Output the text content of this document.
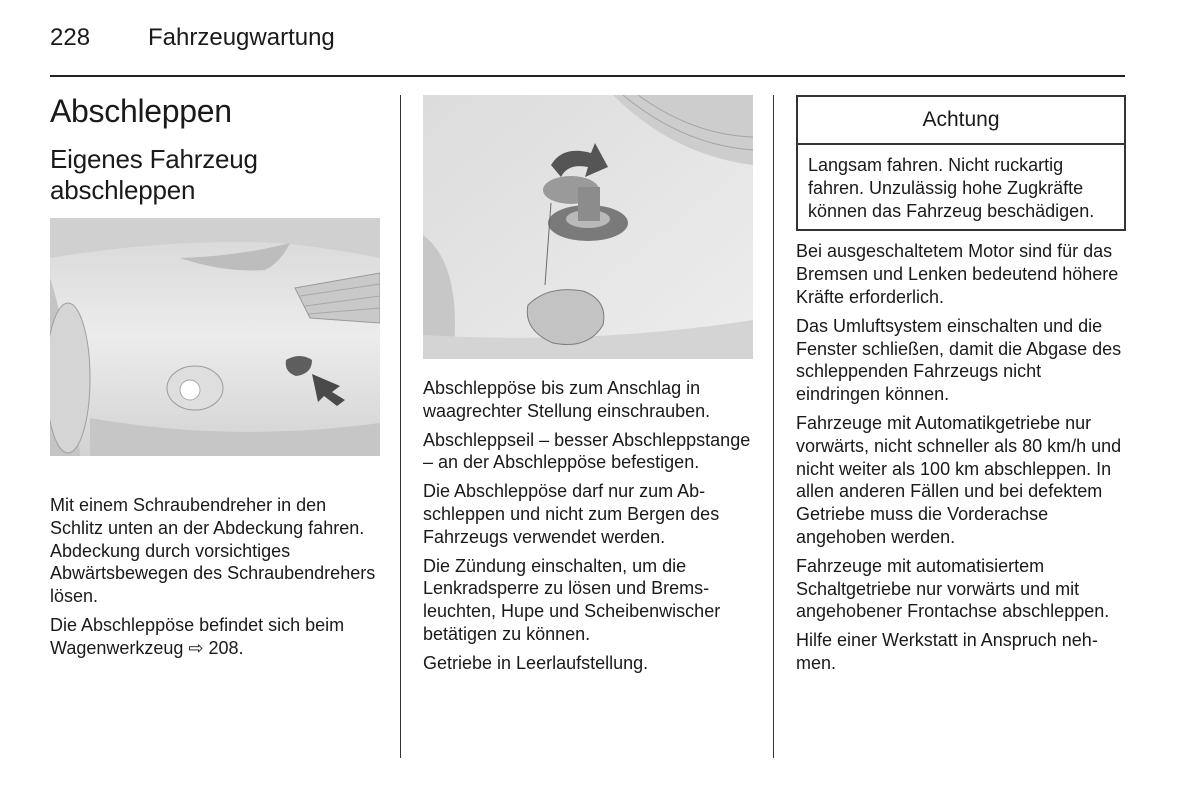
228	Fahrzeugwartung
Abschleppen
Eigenes Fahrzeug abschleppen

Mit einem Schraubendreher in den Schlitz unten an der Abdeckung fahren. Abdeckung durch vorsichtiges Abwärtsbewegen des Schraubendrehers lösen.

Die Abschleppöse befindet sich beim Wagenwerkzeug ⇨ 208.

Abschleppöse bis zum Anschlag in waagrechter Stellung einschrauben.

Abschleppseil – besser Abschleppstange – an der Abschleppöse befestigen.

Die Abschleppöse darf nur zum Abschleppen und nicht zum Bergen des Fahrzeugs verwendet werden.

Die Zündung einschalten, um die Lenkradsperre zu lösen und Bremsleuchten, Hupe und Scheibenwischer betätigen zu können.

Getriebe in Leerlaufstellung.

Achtung
Langsam fahren. Nicht ruckartig fahren. Unzulässig hohe Zugkräfte können das Fahrzeug beschädigen.

Bei ausgeschaltetem Motor sind für das Bremsen und Lenken bedeutend höhere Kräfte erforderlich.

Das Umluftsystem einschalten und die Fenster schließen, damit die Abgase des schleppenden Fahrzeugs nicht eindringen können.

Fahrzeuge mit Automatikgetriebe nur vorwärts, nicht schneller als 80 km/h und nicht weiter als 100 km abschleppen. In allen anderen Fällen und bei defektem Getriebe muss die Vorderachse angehoben werden.

Fahrzeuge mit automatisiertem Schaltgetriebe nur vorwärts und mit angehobener Frontachse abschleppen.

Hilfe einer Werkstatt in Anspruch nehmen.
